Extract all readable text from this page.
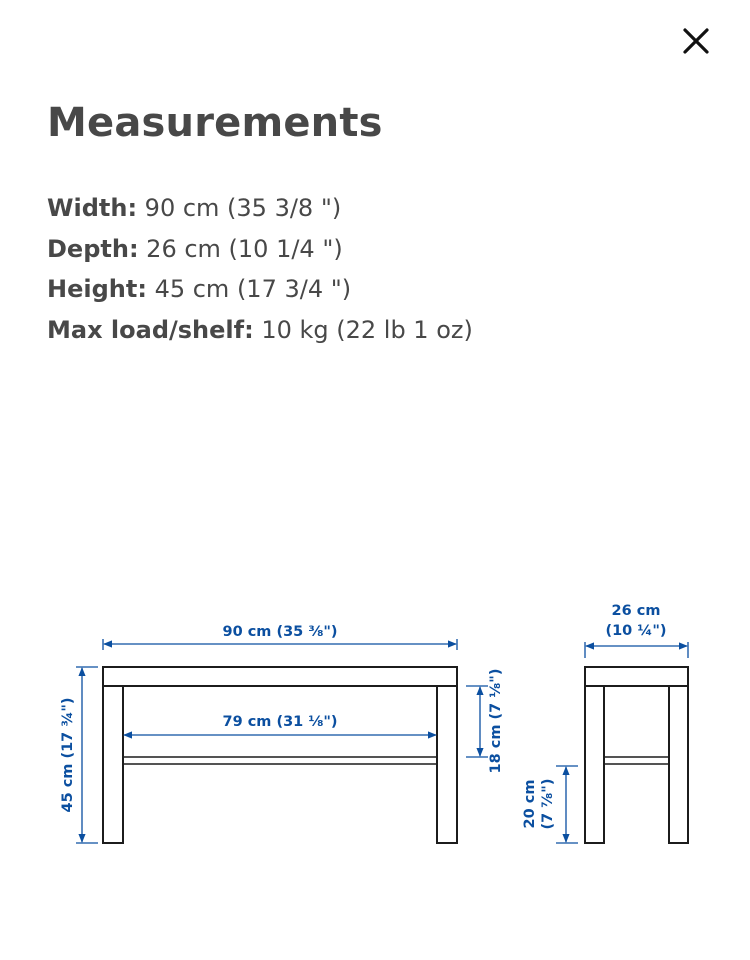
Measurements
Width: 90 cm (35 3/8 ")
Depth: 26 cm (10 1/4 ")
Height: 45 cm (17 3/4 ")
Max load/shelf: 10 kg (22 lb 1 oz)
90 cm (35 ⅜")
79 cm (31 ⅛")
45 cm (17 ¾")	18 cm (7 ⅛")
26 cm
(10 ¼")
20 cm (7 ⅞")
